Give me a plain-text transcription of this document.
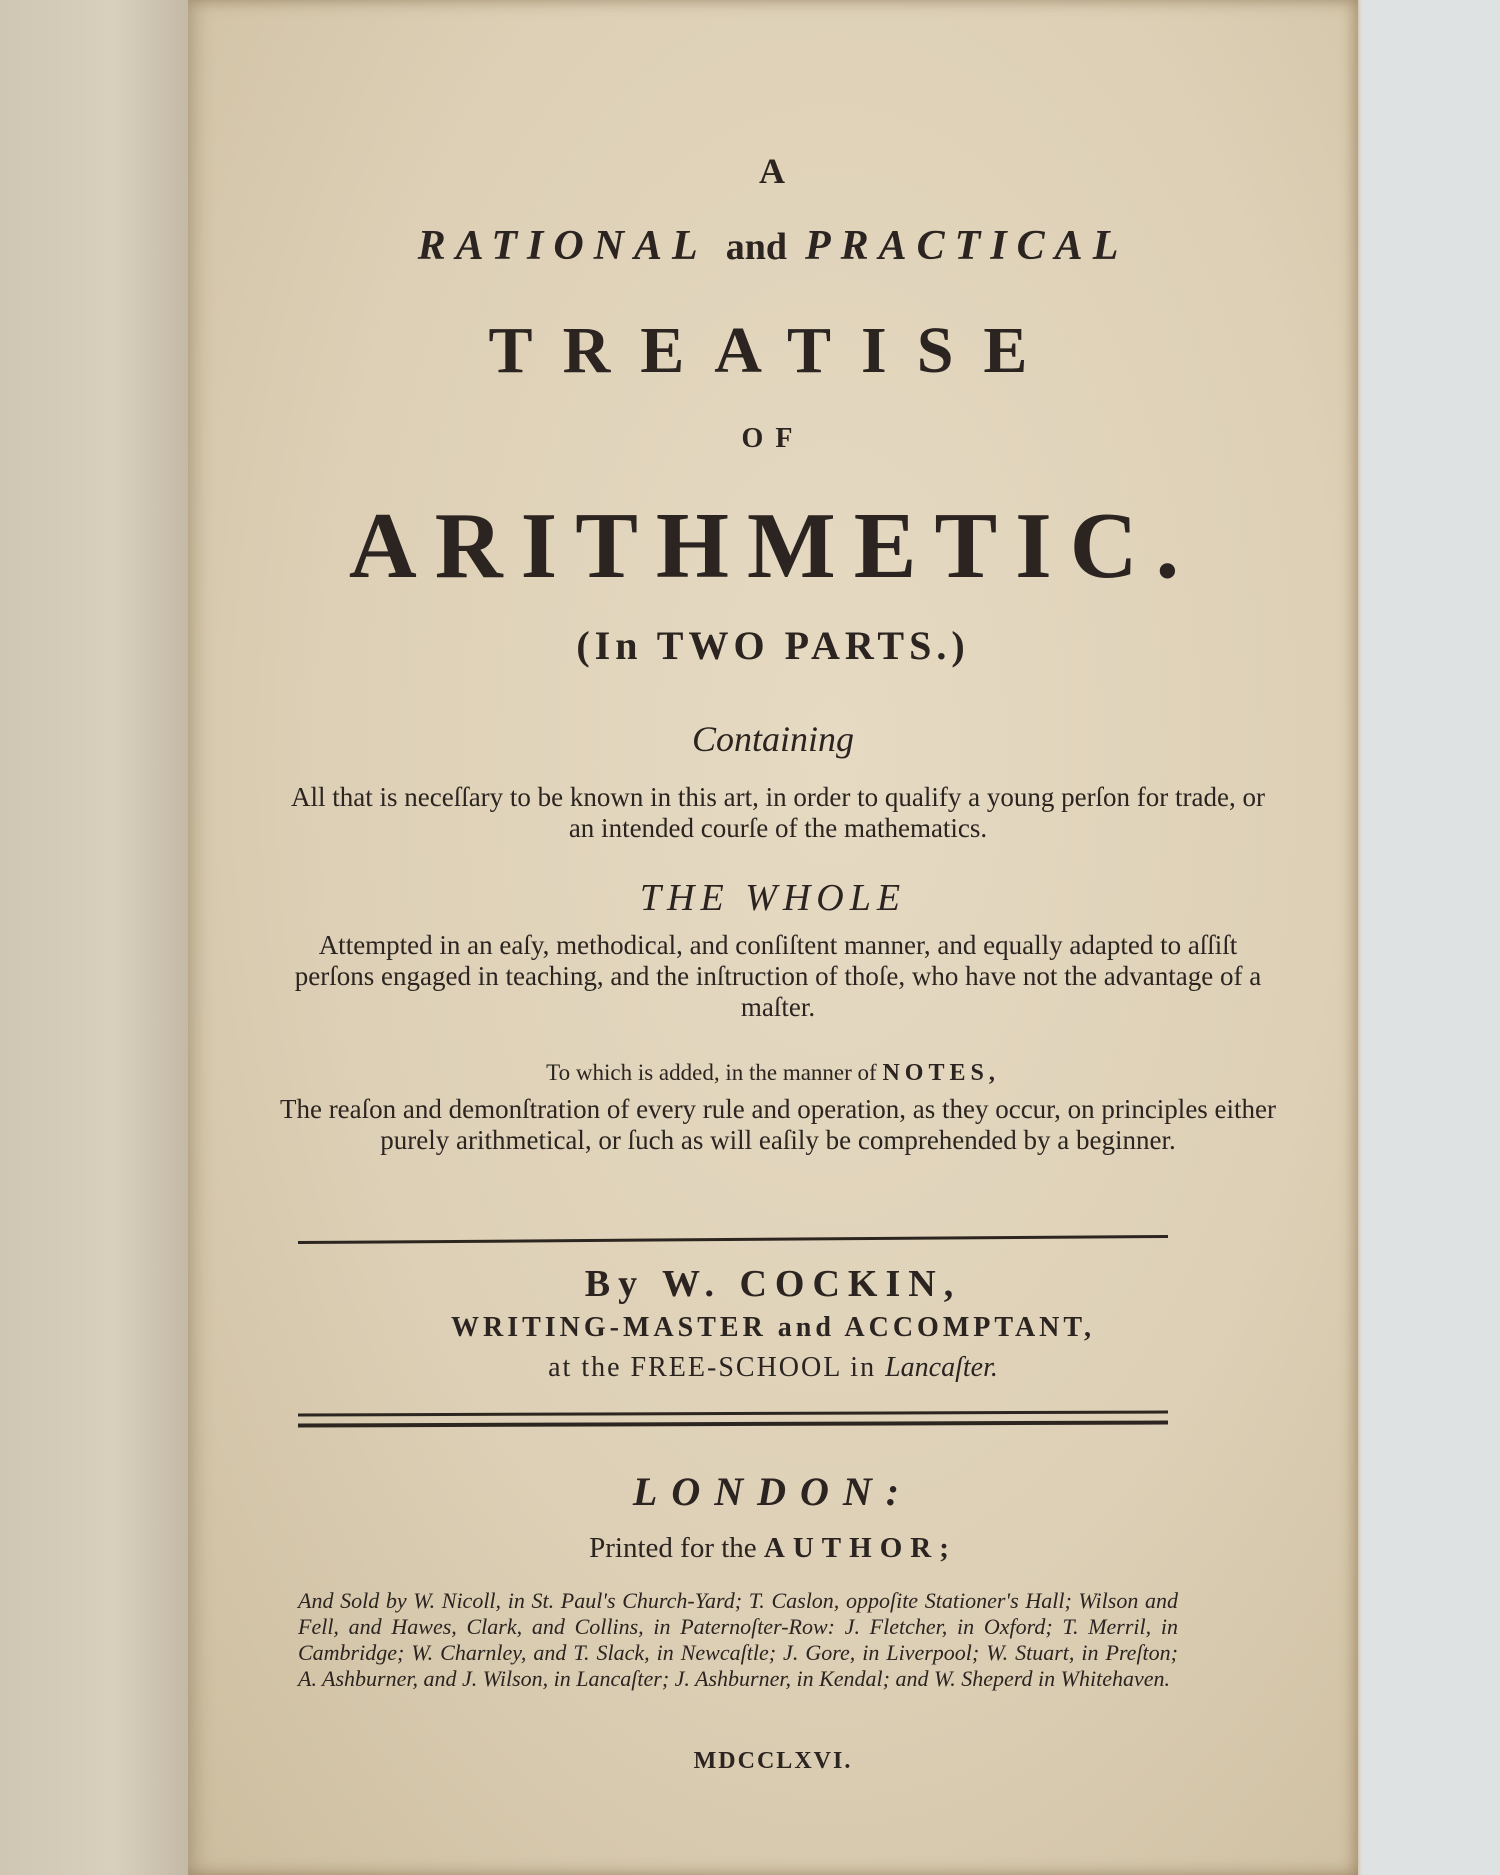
A
RATIONAL and PRACTICAL
TREATISE
OF
ARITHMETIC.
(In TWO PARTS.)
Containing
All that is neceſſary to be known in this art, in order to qualify a young perſon for trade, or an intended courſe of the mathematics.
THE WHOLE
Attempted in an eaſy, methodical, and conſiſtent manner, and equally adapted to aſſiſt perſons engaged in teaching, and the inſtruction of thoſe, who have not the advantage of a maſter.
To which is added, in the manner of NOTES,
The reaſon and demonſtration of every rule and operation, as they occur, on principles either purely arithmetical, or ſuch as will eaſily be comprehended by a beginner.
By W. COCKIN,
WRITING-MASTER and ACCOMPTANT,
at the FREE-SCHOOL in Lancaſter.
LONDON:
Printed for the AUTHOR;
And Sold by W. Nicoll, in St. Paul's Church-Yard; T. Caslon, oppoſite Stationer's Hall; Wilson and Fell, and Hawes, Clark, and Collins, in Paternoſter-Row: J. Fletcher, in Oxford; T. Merril, in Cambridge; W. Charnley, and T. Slack, in Newcaſtle; J. Gore, in Liverpool; W. Stuart, in Preſton; A. Ashburner, and J. Wilson, in Lancaſter; J. Ashburner, in Kendal; and W. Sheperd in Whitehaven.
MDCCLXVI.
